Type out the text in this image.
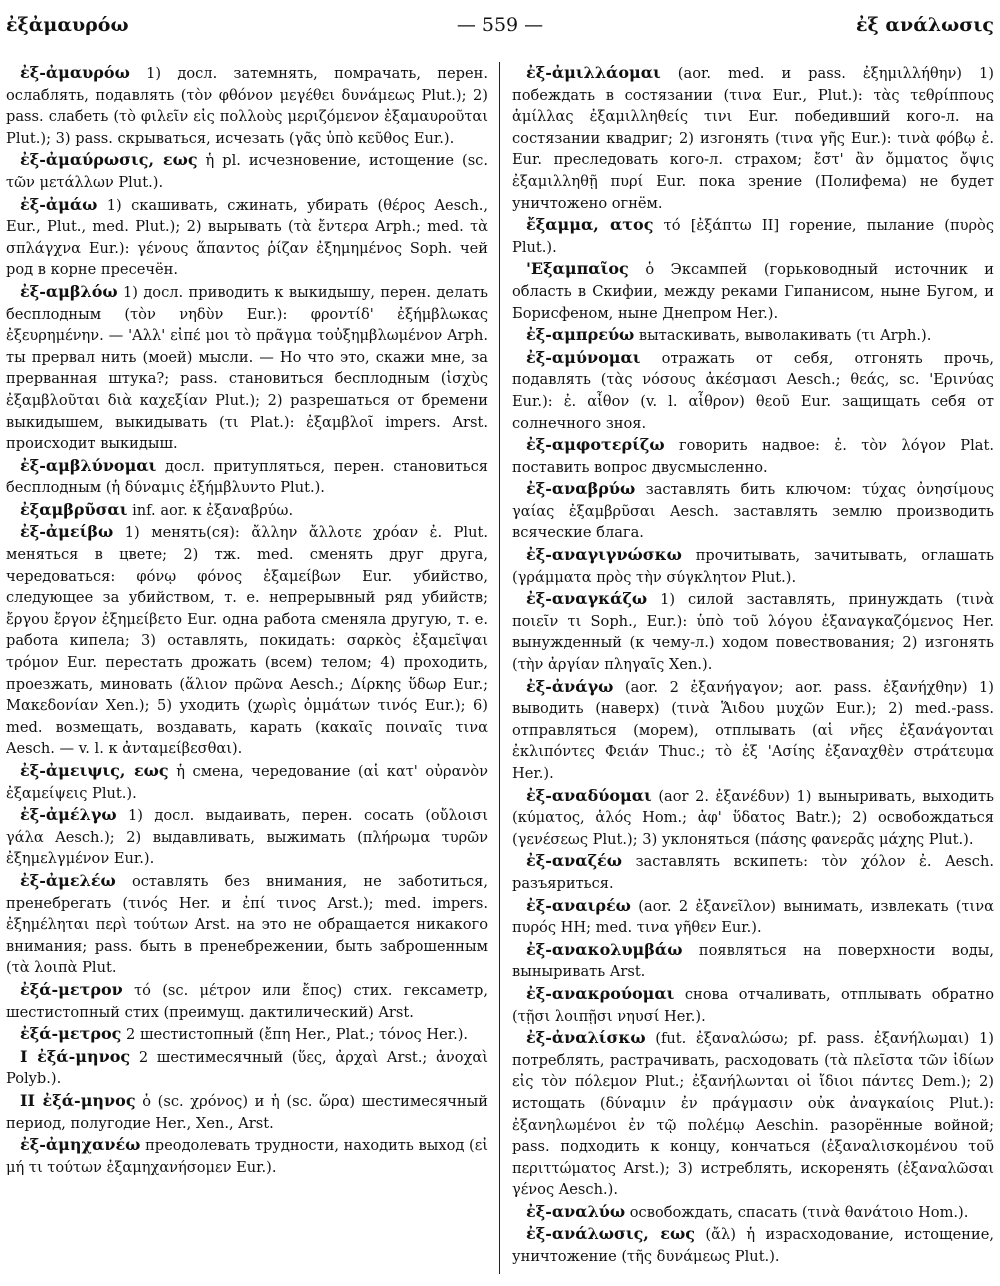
ἐξἀμαυρόω	— 559 —	ἐξ ανάλωσις

ἐξ-ἀμαυρόω 1) досл. затемнять, помрачать, перен. ослаблять, подавлять (τὸν φθόνον μεγέθει δυνάμεως Plut.); 2) pass. слабеть (τὸ φιλεῖν εἰς πολλοὺς μεριζόμενον ἐξαμαυροῦται Plut.); 3) pass. скрываться, исчезать (γᾶς ὑπὸ κεῦθος Eur.).

ἐξ-ἀμαύρωσις, εως ἡ pl. исчезновение, истощение (sc. τῶν μετάλλων Plut.).

ἐξ-ἀμάω 1) скашивать, сжинать, убирать (θέρος Aesch., Eur., Plut., med. Plut.); 2) вырывать (τὰ ἔντερα Arph.; med. τὰ σπλάγχνα Eur.): γένους ἅπαντος ῥίζαν ἐξημημένος Soph. чей род в корне пресечён.

ἐξ-αμβλόω 1) досл. приводить к выкидышу, перен. делать бесплодным (τὸν νηδὺν Eur.): φροντίδ' ἐξήμβλωκας ἐξευρημένην. — 'Αλλ' εἰπέ μοι τὸ πρᾶγμα τοὐξημβλωμένον Arph. ты прервал нить (моей) мысли. — Но что это, скажи мне, за прерванная штука?; pass. становиться бесплодным (ἰσχὺς ἐξαμβλοῦται διὰ καχεξίαν Plut.); 2) разрешаться от бремени выкидышем, выкидывать (τι Plat.): ἐξαμβλοῖ impers. Arst. происходит выкидыш.

ἐξ-αμβλύνομαι досл. притупляться, перен. становиться бесплодным (ἡ δύναμις ἐξήμβλυντο Plut.).

ἐξαμβρῦσαι inf. aor. к ἐξαναβρύω.

ἐξ-ἀμείβω 1) менять(ся): ἄλλην ἄλλοτε χρόαν ἐ. Plut. меняться в цвете; 2) тж. med. сменять друг друга, чередоваться: φόνῳ φόνος ἐξαμείβων Eur. убийство, следующее за убийством, т. е. непрерывный ряд убийств; ἔργου ἔργον ἐξημείβετο Eur. одна работа сменяла другую, т. е. работа кипела; 3) оставлять, покидать: σαρκὸς ἐξαμεῖψαι τρόμον Eur. перестать дрожать (всем) телом; 4) проходить, проезжать, миновать (ἅλιον πρῶνα Aesch.; Δίρκης ὕδωρ Eur.; Μακεδονίαν Xen.); 5) уходить (χωρὶς ὀμμάτων τινός Eur.); 6) med. возмещать, воздавать, карать (κακαῖς ποιναῖς τινα Aesch. — v. l. к ἀνταμείβεσθαι).

ἐξ-ἀμειψις, εως ἡ смена, чередование (αἱ κατ' οὐρανὸν ἐξαμείψεις Plut.).

ἐξ-ἀμέλγω 1) досл. выдаивать, перен. сосать (οὔλοισι γάλα Aesch.); 2) выдавливать, выжимать (πλήρωμα τυρῶν ἐξημελγμένον Eur.).

ἐξ-ἀμελέω оставлять без внимания, не заботиться, пренебрегать (τινός Her. и ἐπί τινος Arst.); med. impers. ἐξημέληται περὶ τούτων Arst. на это не обращается никакого внимания; pass. быть в пренебрежении, быть заброшенным (τὰ λοιπὰ Plut.

ἐξά-μετρον τό (sc. μέτρον или ἔπος) стих. гексаметр, шестистопный стих (преимущ. дактилический) Arst.

ἐξά-μετρος 2 шестистопный (ἔπη Her., Plat.; τόνος Her.).

I ἐξά-μηνος 2 шестимесячный (ὕες, ἀρχαὶ Arst.; ἀνοχαὶ Polyb.).

II ἐξά-μηνος ὁ (sc. χρόνος) и ἡ (sc. ὥρα) шестимесячный период, полугодие Her., Xen., Arst.

ἐξ-ἀμηχανέω преодолевать трудности, находить выход (εἰ μή τι τούτων ἐξαμηχανήσομεν Eur.).

ἐξ-ἀμιλλάομαι (aor. med. и pass. ἐξημιλλήθην) 1) побеждать в состязании (τινα Eur., Plut.): τὰς τεθρίππους ἁμίλλας ἐξαμιλληθείς τινι Eur. победивший кого-л. на состязании квадриг; 2) изгонять (τινα γῆς Eur.): τινὰ φόβῳ ἐ. Eur. преследовать кого-л. страхом; ἔστ' ἂν ὄμματος ὄψις ἐξαμιλληθῇ πυρί Eur. пока зрение (Полифема) не будет уничтожено огнём.

ἔξαμμα, ατος τό [ἐξάπτω II] горение, пылание (πυρὸς Plut.).

'Εξαμπαῖος ὁ Эксампей (горьководный источник и область в Скифии, между реками Гипанисом, ныне Бугом, и Борисфеном, ныне Днепром Her.).

ἐξ-αμπρεύω вытаскивать, выволакивать (τι Arph.).

ἐξ-αμύνομαι отражать от себя, отгонять прочь, подавлять (τὰς νόσους ἀκέσμασι Aesch.; θεάς, sc. 'Ερινύας Eur.): ἐ. αἶθον (v. l. αἶθρον) θεοῦ Eur. защищать себя от солнечного зноя.

ἐξ-αμφοτερίζω говорить надвое: ἐ. τὸν λόγον Plat. поставить вопрос двусмысленно.

ἐξ-αναβρύω заставлять бить ключом: τύχας ὀνησίμους γαίας ἐξαμβρῦσαι Aesch. заставлять землю производить всяческие блага.

ἐξ-αναγιγνώσκω прочитывать, зачитывать, оглашать (γράμματα πρὸς τὴν σύγκλητον Plut.).

ἐξ-αναγκάζω 1) силой заставлять, принуждать (τινὰ ποιεῖν τι Soph., Eur.): ὑπὸ τοῦ λόγου ἐξαναγκαζόμενος Her. вынужденный (к чему-л.) ходом повествования; 2) изгонять (τὴν ἀργίαν πληγαῖς Xen.).

ἐξ-ἀνάγω (aor. 2 ἐξανήγαγον; aor. pass. ἐξανήχθην) 1) выводить (наверх) (τινὰ Ἅιδου μυχῶν Eur.); 2) med.-pass. отправляться (морем), отплывать (αἱ νῆες ἐξανάγονται ἐκλιπόντες Φειάν Thuc.; τὸ ἐξ 'Ασίης ἐξαναχθὲν στράτευμα Her.).

ἐξ-αναδύομαι (aor 2. ἐξανέδυν) 1) выныривать, выходить (κύματος, ἁλός Hom.; ἀφ' ὕδατος Batr.); 2) освобождаться (γενέσεως Plut.); 3) уклоняться (πάσης φανερᾶς μάχης Plut.).

ἐξ-αναζέω заставлять вскипеть: τὸν χόλον ἐ. Aesch. разъяриться.

ἐξ-αναιρέω (aor. 2 ἐξανεῖλον) вынимать, извлекать (τινα πυρός HH; med. τινα γῆθεν Eur.).

ἐξ-ανακολυμβάω появляться на поверхности воды, выныривать Arst.

ἐξ-ανακρούομαι снова отчаливать, отплывать обратно (τῇσι λοιπῇσι νηυσί Her.).

ἐξ-ἀναλίσκω (fut. ἐξαναλώσω; pf. pass. ἐξανήλωμαι) 1) потреблять, растрачивать, расходовать (τὰ πλεῖστα τῶν ἰδίων εἰς τὸν πόλεμον Plut.; ἐξανήλωνται οἱ ἴδιοι πάντες Dem.); 2) истощать (δύναμιν ἐν πράγμασιν οὐκ ἀναγκαίοις Plut.): ἐξανηλωμένοι ἐν τῷ πολέμῳ Aeschin. разорённые войной; pass. подходить к концу, кончаться (ἐξαναλισκομένου τοῦ περιττώματος Arst.); 3) истреблять, искоренять (ἐξαναλῶσαι γένος Aesch.).

ἐξ-αναλύω освобождать, спасать (τινὰ θανάτοιο Hom.).

ἐξ-ανάλωσις, εως (ἄλ) ἡ израсходование, истощение, уничтожение (τῆς δυνάμεως Plut.).
